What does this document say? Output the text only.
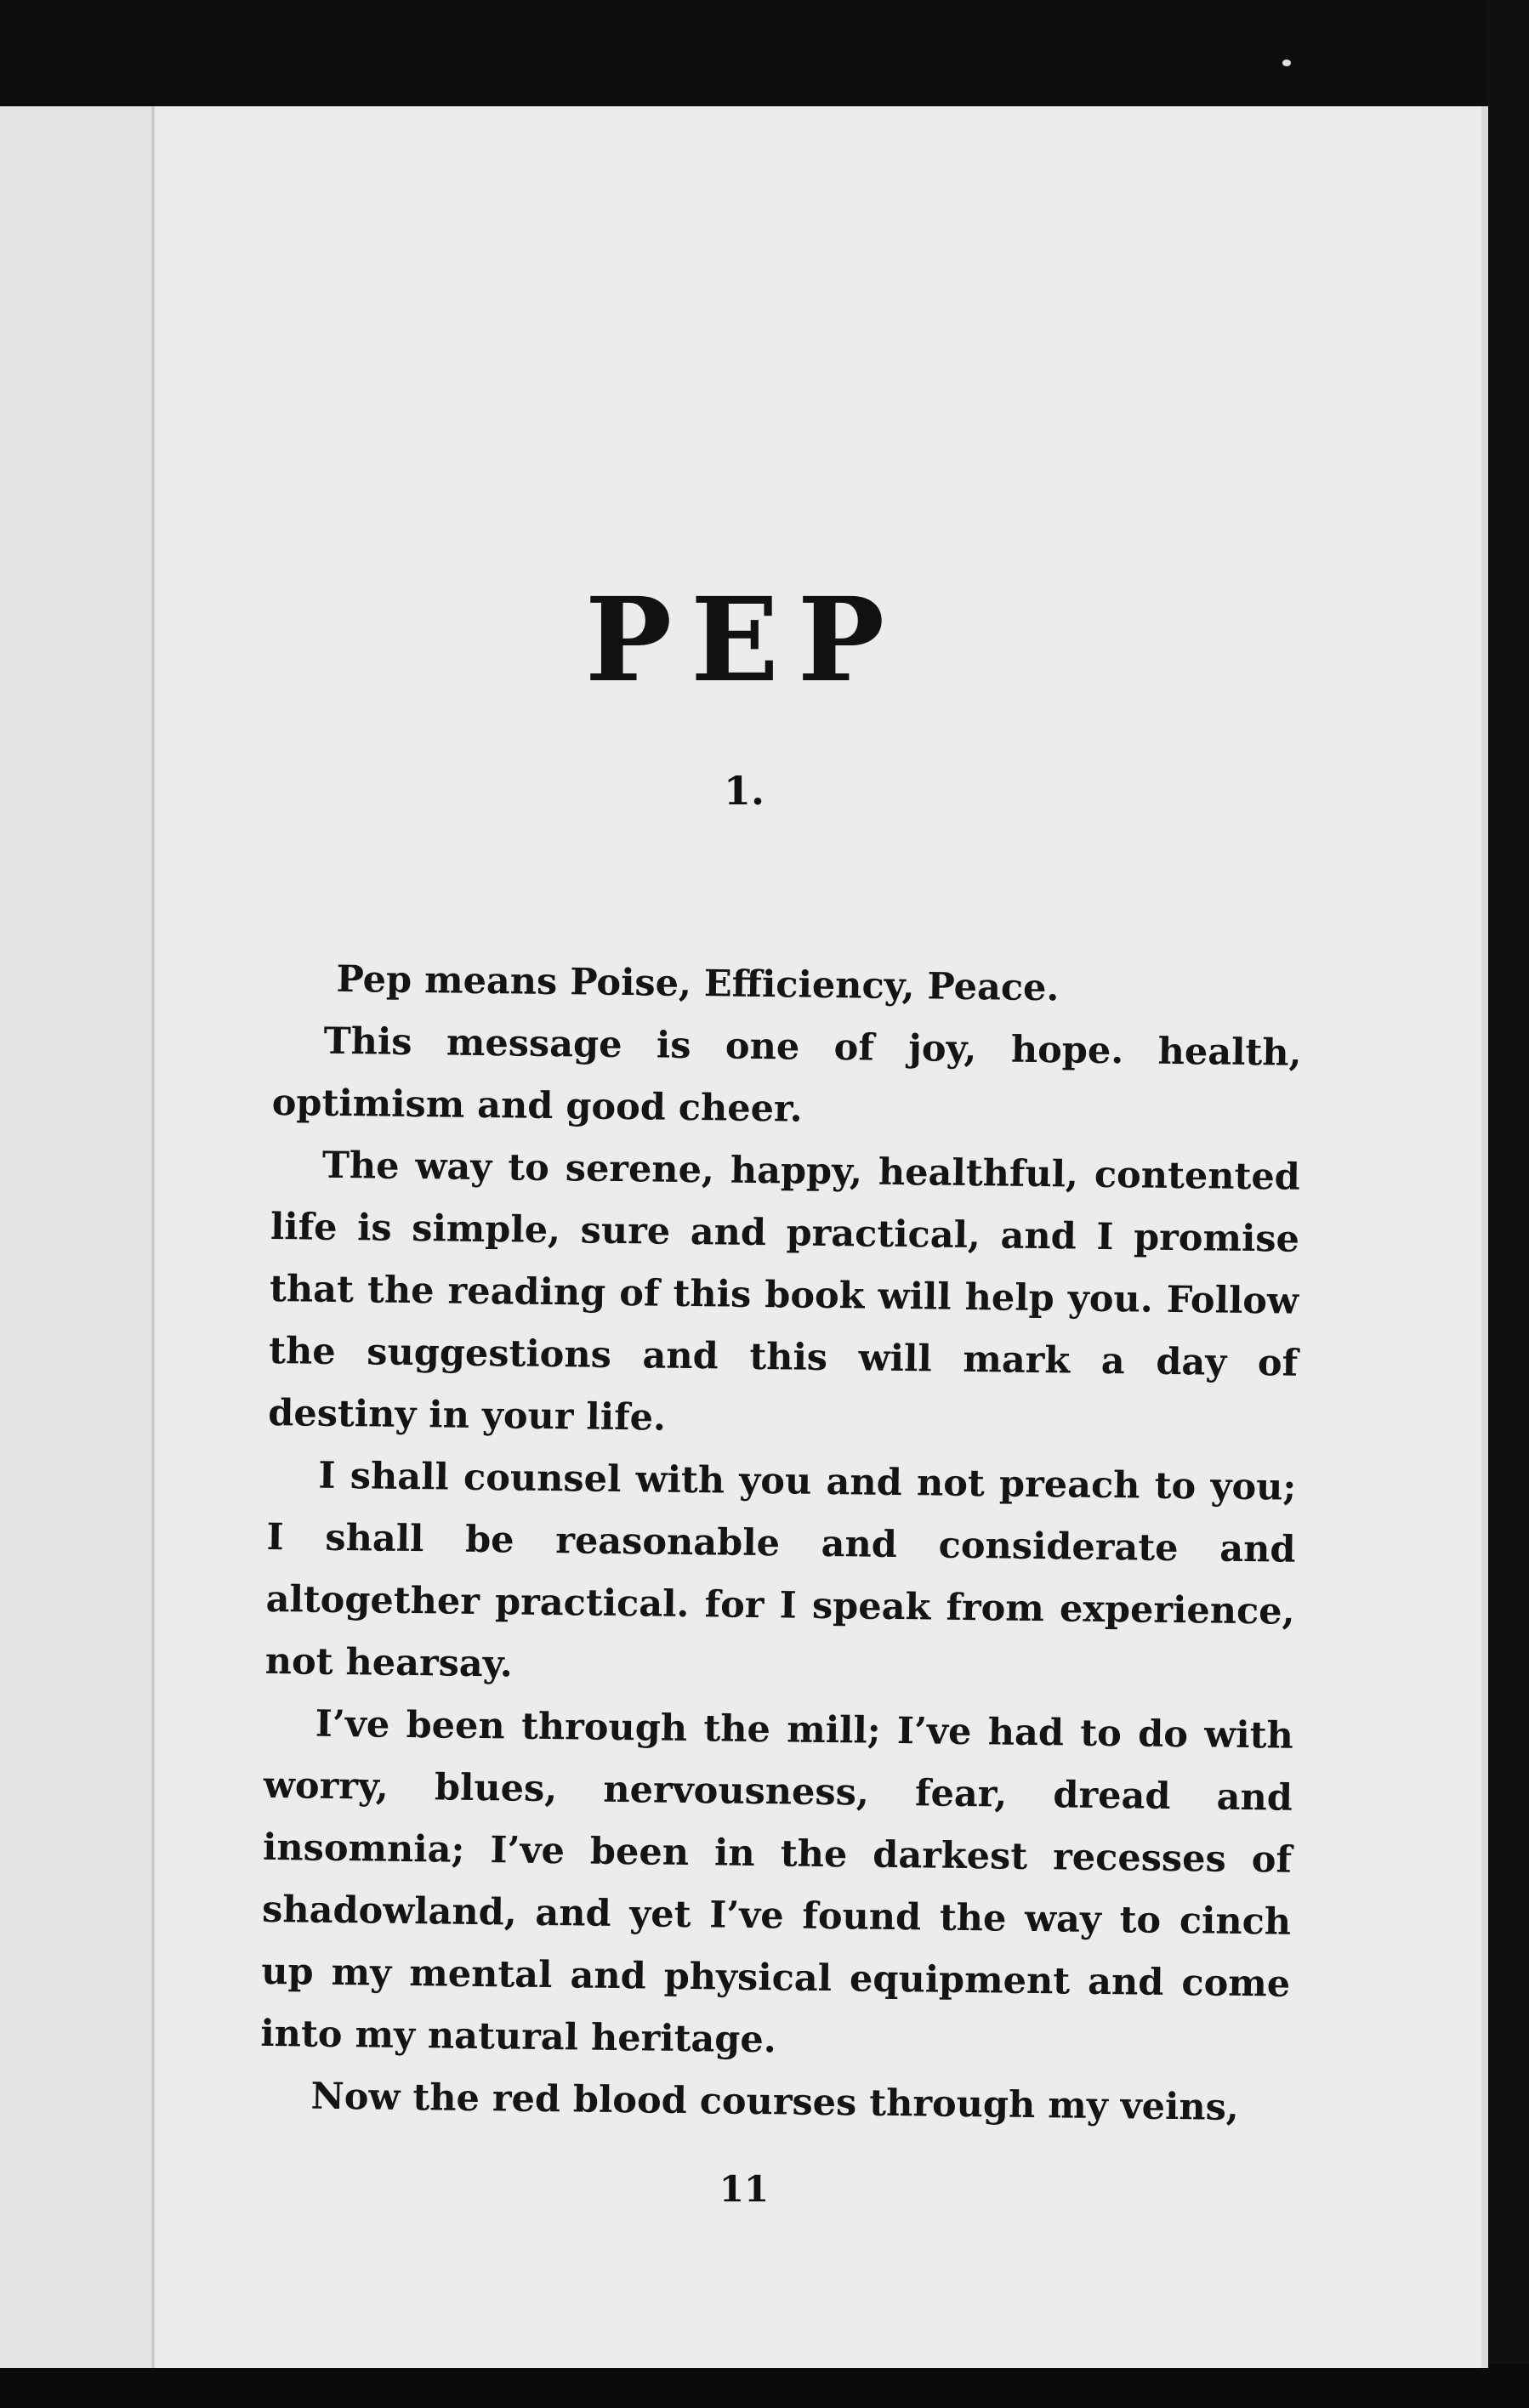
PEP
1.

Pep means Poise, Efficiency, Peace.

This message is one of joy, hope. health, optimism and good cheer.

The way to serene, happy, healthful, contented life is simple, sure and practical, and I promise that the reading of this book will help you. Follow the suggestions and this will mark a day of destiny in your life.

I shall counsel with you and not preach to you; I shall be reasonable and considerate and altogether practical. for I speak from experience, not hearsay.

I’ve been through the mill; I’ve had to do with worry, blues, nervousness, fear, dread and insomnia; I’ve been in the darkest recesses of shadowland, and yet I’ve found the way to cinch up my mental and physical equipment and come into my natural heritage.

Now the red blood courses through my veins,

11
